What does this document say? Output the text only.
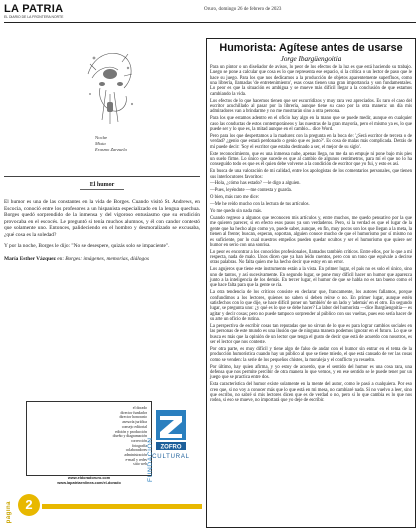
LA PATRIA
EL DIARIO DE LA FRONTERA NORTE
Oruro, domingo 26 de febrero de 2023
Noche
Mixta
Erasmo Zarzuela
El humor

El humor es una de las constantes en la vida de Borges. Cuando visitó St. Andrews, en Escocia, conoció entre los profesores a un hispanista especializado en la lengua quechua. Borges quedó sorprendido de la inmensa y del vigoroso entusiasmo que su erudición provocaba en el escocés. Le preguntó si tenía muchos alumnos, y él con candor contestó que solamente uno. Entonces, palideciendo en el hombro y desmoralizado se excusaba, ¿qué cosa es la soledad?

Y por la noche, Borges le dijo: "No se desespere, quizás solo se impaciente".

María Esther Vázquez en: Borges: imágenes, memorias, diálogos
el dorado
director fundador
director honorario
asesoría jurídica
consejo editorial
edición y producción
diseño y diagramación
corrección
fotografía
colaboradores
administración
e-mail y redes
sitio web
ZOFRO
CULTURAL
FUNDACIÓN
www.eldoradoruro.com
www.lapatriaenlinea.com/el-dorado
página	2
Humorista: Agítese antes de usarse
Jorge Ibargüengoitia

Para un pintor o un diseñador de avisos, lo peor de los efectos de la luz es que está haciendo su trabajo. Luego se pone a calcular que cosa es lo que representa ese espacio, si la crítica o un lector de paso que le hace su juego. Para los que nos dedicamos a la producción de objetos aparentemente superfluos, como una librería, llamadas 'de entretenimiento', esas cosas tienen una gran importancia y son fundamentales. Lo peor es que la situación es ambigua y se mueve más difícil llegar a la conclusión de que estamos cambiando la vida.

Los efectos de lo que hacemos tienen que ser escurridizos y muy rara vez apreciados. Es raro el caso del escritor acuchillado al pasar por la librería, aunque tiene su caso por la otra manera: un día mis admiradores van a brindarme y no me mostrarán sino a otra persona.

Para los que estamos adentro en el oficio hay algo en la mano que se puede medir, aunque en cualquier caso las conductas de estos contemporáneos y las nuestras de la gran mayoría, pero el mismo ya es, lo que puede ser y lo que es, la mitad aunque en el cambio... dice Word.

Pero para los que despertamos a la madurez con la pregunta en la boca de: '¿Será escritor de tercera o de verdad? ¿genio que estará perdonado o genio que es justo?'. Es cosa de malas más complicada. Detrás de mí puede decir: 'Soy el escritor que estaba destinado a ser, el mejor de su siglo'.

Este reconocimiento, que es una inmensa nube, apenas llega, no me da un empuje ni pone bajo mis pies un suelo firme. Lo único que sucede es que al cambio de algunos centímetros, para mí el que no lo ha conseguido todo es que es él quien debe volverse a la condición de escritor que yo fui, y esto es así.

En busca de una valoración de mi calidad, entre los apologistas de los comentarios personales, que tienen sus interlocutores favoritos:

—Hola, ¿cómo has estado? —le digo a alguien.

—Pues, leyéndote —me contesta y guarda.

O bien, más raro me dice:

—Me he reído mucho con la lectura de tus artículos.

Yo me quedo sin nada más.

Cuando regreso a algunos que reconocen mis artículos y, entre muchos, me quedo pensativo por la que me quieren parecer, si en efecto esos pasos ya son verdaderos. Pero, si la verdad es que el lugar de la gente que ha hecho algo como yo, puede saber, aunque, en fin, muy pocos son los que llegan a la meta, la tienen al frente; buscan, esperan, soportan, alguien conoce mucho de que el humorismo por sí mismo no es suficiente, por lo cual nuestros empeños pueden quedar ocultos y ser el humorismo que quiere ser humor en serio con una sonrisa.

Lo peor es encontrar a los conocidos profesionales, llamados también críticos. Entre ellos, por lo que a mí respecta, nada de malo. Unos dicen que ya han leído cuentos, pero con un tono que equivale a decirse otras palabras. No falta quien me ha hecho decir que estoy en un error.

Los agujeros que tiene este instrumento están a la vista. En primer lugar, el país no es solo el único, sino uno de tantos, y así sucesivamente. En segundo lugar, se pone muy difícil hacer un humor que aparezca junto a la inteligencia de los demás. En tercer lugar, el humor de que se habla no es tan bueno como el que hace falta para que la gente se ría.

La otra tendencia de los críticos consiste en declarar que, francamente, los autores fallamos, porque confundimos a los lectores, quienes no saben si deben reírse o no. En primer lugar, aunque estén satisfechos con lo que dije, se hace difícil poner un 'también' de un lado y 'además' en el otro. En segundo lugar, se pregunta uno: ¿y qué es lo que se debe hacer? La labor del humorista —dice Ibargüengoitia— es agitar y decir cosas; pero no puede tampoco sorprender al público con sus vueltas, pues eso sería hacer de su arte un oficio de rutina.

La perspectiva de escribir cosas tan reputadas que no sirvan de lo que es para lograr cambios sociales en las personas de este mundo es una ilusión que de ninguna manera podemos ignorar en el futuro. Lo que se busca es más que la opinión de un lector que tenga el gusto de decir que está de acuerdo con nosotros, es ser el lector que nos conteste.

Por otra parte, es muy difícil y tiene algo de falso de andar con el humor sin entrar en el tema de la producción humorística cuando hay un público al que se tiene miedo, el que está cansado de ver las cosas como se venden: la serie de los pequeños chistes, la moraleja y el conflicto ya resuelto.

Por último, hay quien afirma, y yo estoy de acuerdo, que el sentido del humor es una cosa rara, una defensa que nos permite percibir de otra manera lo que vemos, y en ese sentido se le puede tener por un juego que se practica entre dos.

Esta característica del humor existe solamente en la mente del autor, como le pasó a cualquiera. Por eso creo que, si no voy a conocer más que lo que está en mi mesa, no cambiaré nada. Si no vuelvo a leer, sino que escribo, no sabré si mis lectores dicen que es de verdad o no, pero si lo que cambia es lo que nos rodea, si eso se mueve, no importará que yo deje de escribir.
